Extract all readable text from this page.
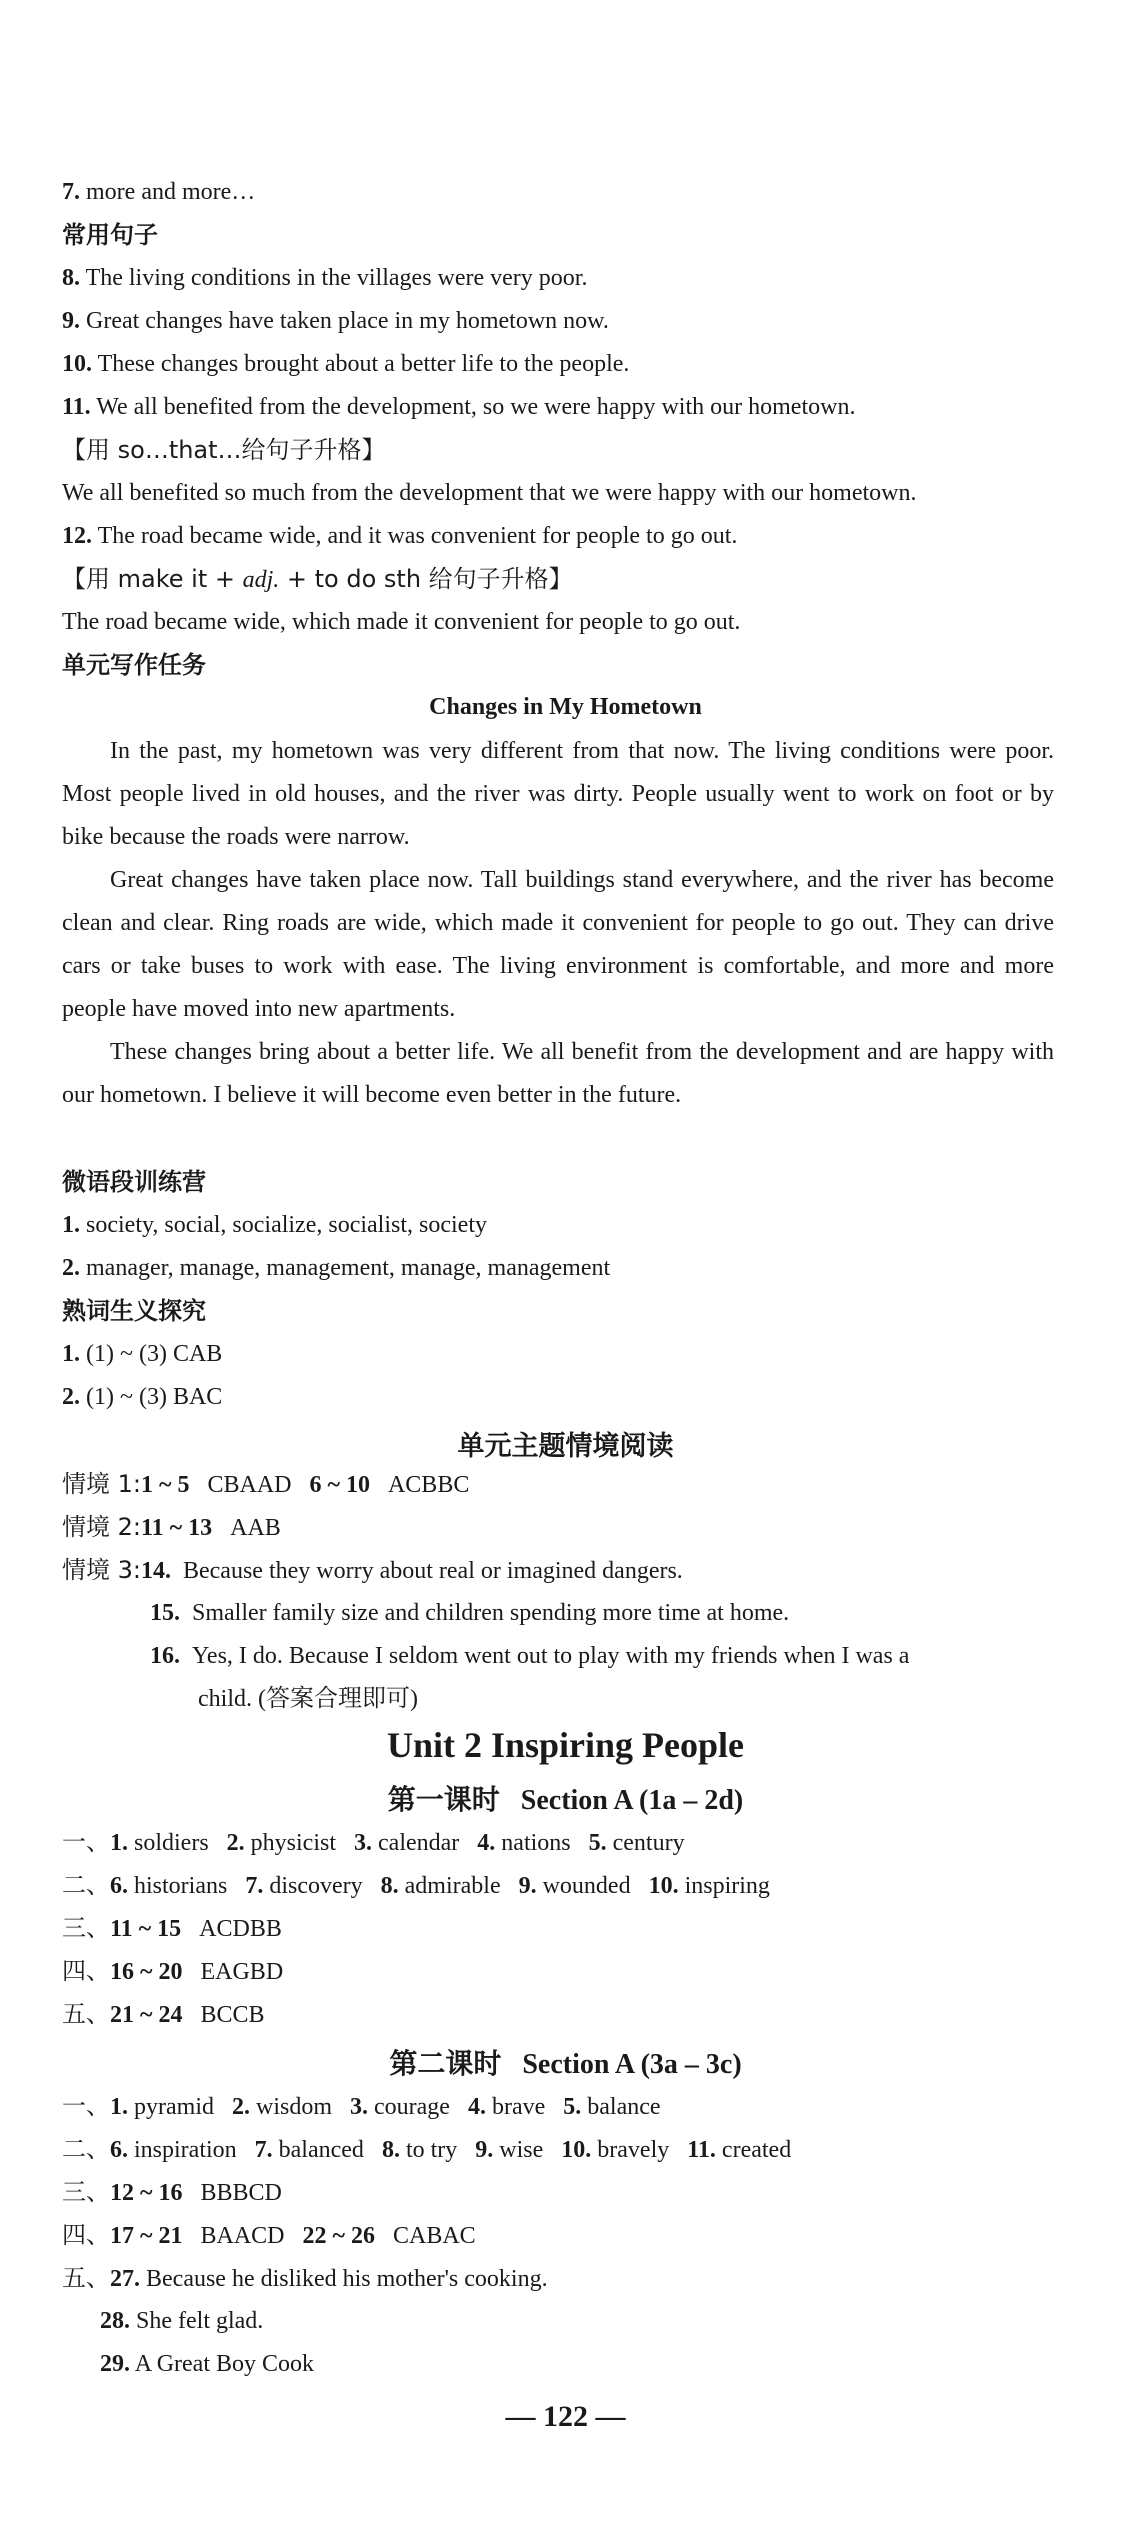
7. more and more…
常用句子
8. The living conditions in the villages were very poor.
9. Great changes have taken place in my hometown now.
10. These changes brought about a better life to the people.
11. We all benefited from the development, so we were happy with our hometown.
【用 so…that…给句子升格】
We all benefited so much from the development that we were happy with our hometown.
12. The road became wide, and it was convenient for people to go out.
【用 make it + adj. + to do sth 给句子升格】
The road became wide, which made it convenient for people to go out.
单元写作任务
Changes in My Hometown

In the past, my hometown was very different from that now. The living conditions were poor. Most people lived in old houses, and the river was dirty. People usually went to work on foot or by bike because the roads were narrow.

Great changes have taken place now. Tall buildings stand everywhere, and the river has become clean and clear. Ring roads are wide, which made it convenient for people to go out. They can drive cars or take buses to work with ease. The living environment is comfortable, and more and more people have moved into new apartments.

These changes bring about a better life. We all benefit from the development and are happy with our hometown. I believe it will become even better in the future.

微语段训练营
1. society, social, socialize, socialist, society
2. manager, manage, management, manage, management
熟词生义探究
1. (1) ~ (3) CAB
2. (1) ~ (3) BAC
单元主题情境阅读
情境 1:1 ~ 5 CBAAD 6 ~ 10 ACBBC
情境 2:11 ~ 13 AAB
情境 3:14. Because they worry about real or imagined dangers.
15. Smaller family size and children spending more time at home.
16. Yes, I do. Because I seldom went out to play with my friends when I was a
child. (答案合理即可)
Unit 2 Inspiring People
第一课时 Section A (1a – 2d)
一、1. soldiers 2. physicist 3. calendar 4. nations 5. century
二、6. historians 7. discovery 8. admirable 9. wounded 10. inspiring
三、11 ~ 15 ACDBB
四、16 ~ 20 EAGBD
五、21 ~ 24 BCCB
第二课时 Section A (3a – 3c)
一、1. pyramid 2. wisdom 3. courage 4. brave 5. balance
二、6. inspiration 7. balanced 8. to try 9. wise 10. bravely 11. created
三、12 ~ 16 BBBCD
四、17 ~ 21 BAACD 22 ~ 26 CABAC
五、27. Because he disliked his mother's cooking.
28. She felt glad.
29. A Great Boy Cook
— 122 —
